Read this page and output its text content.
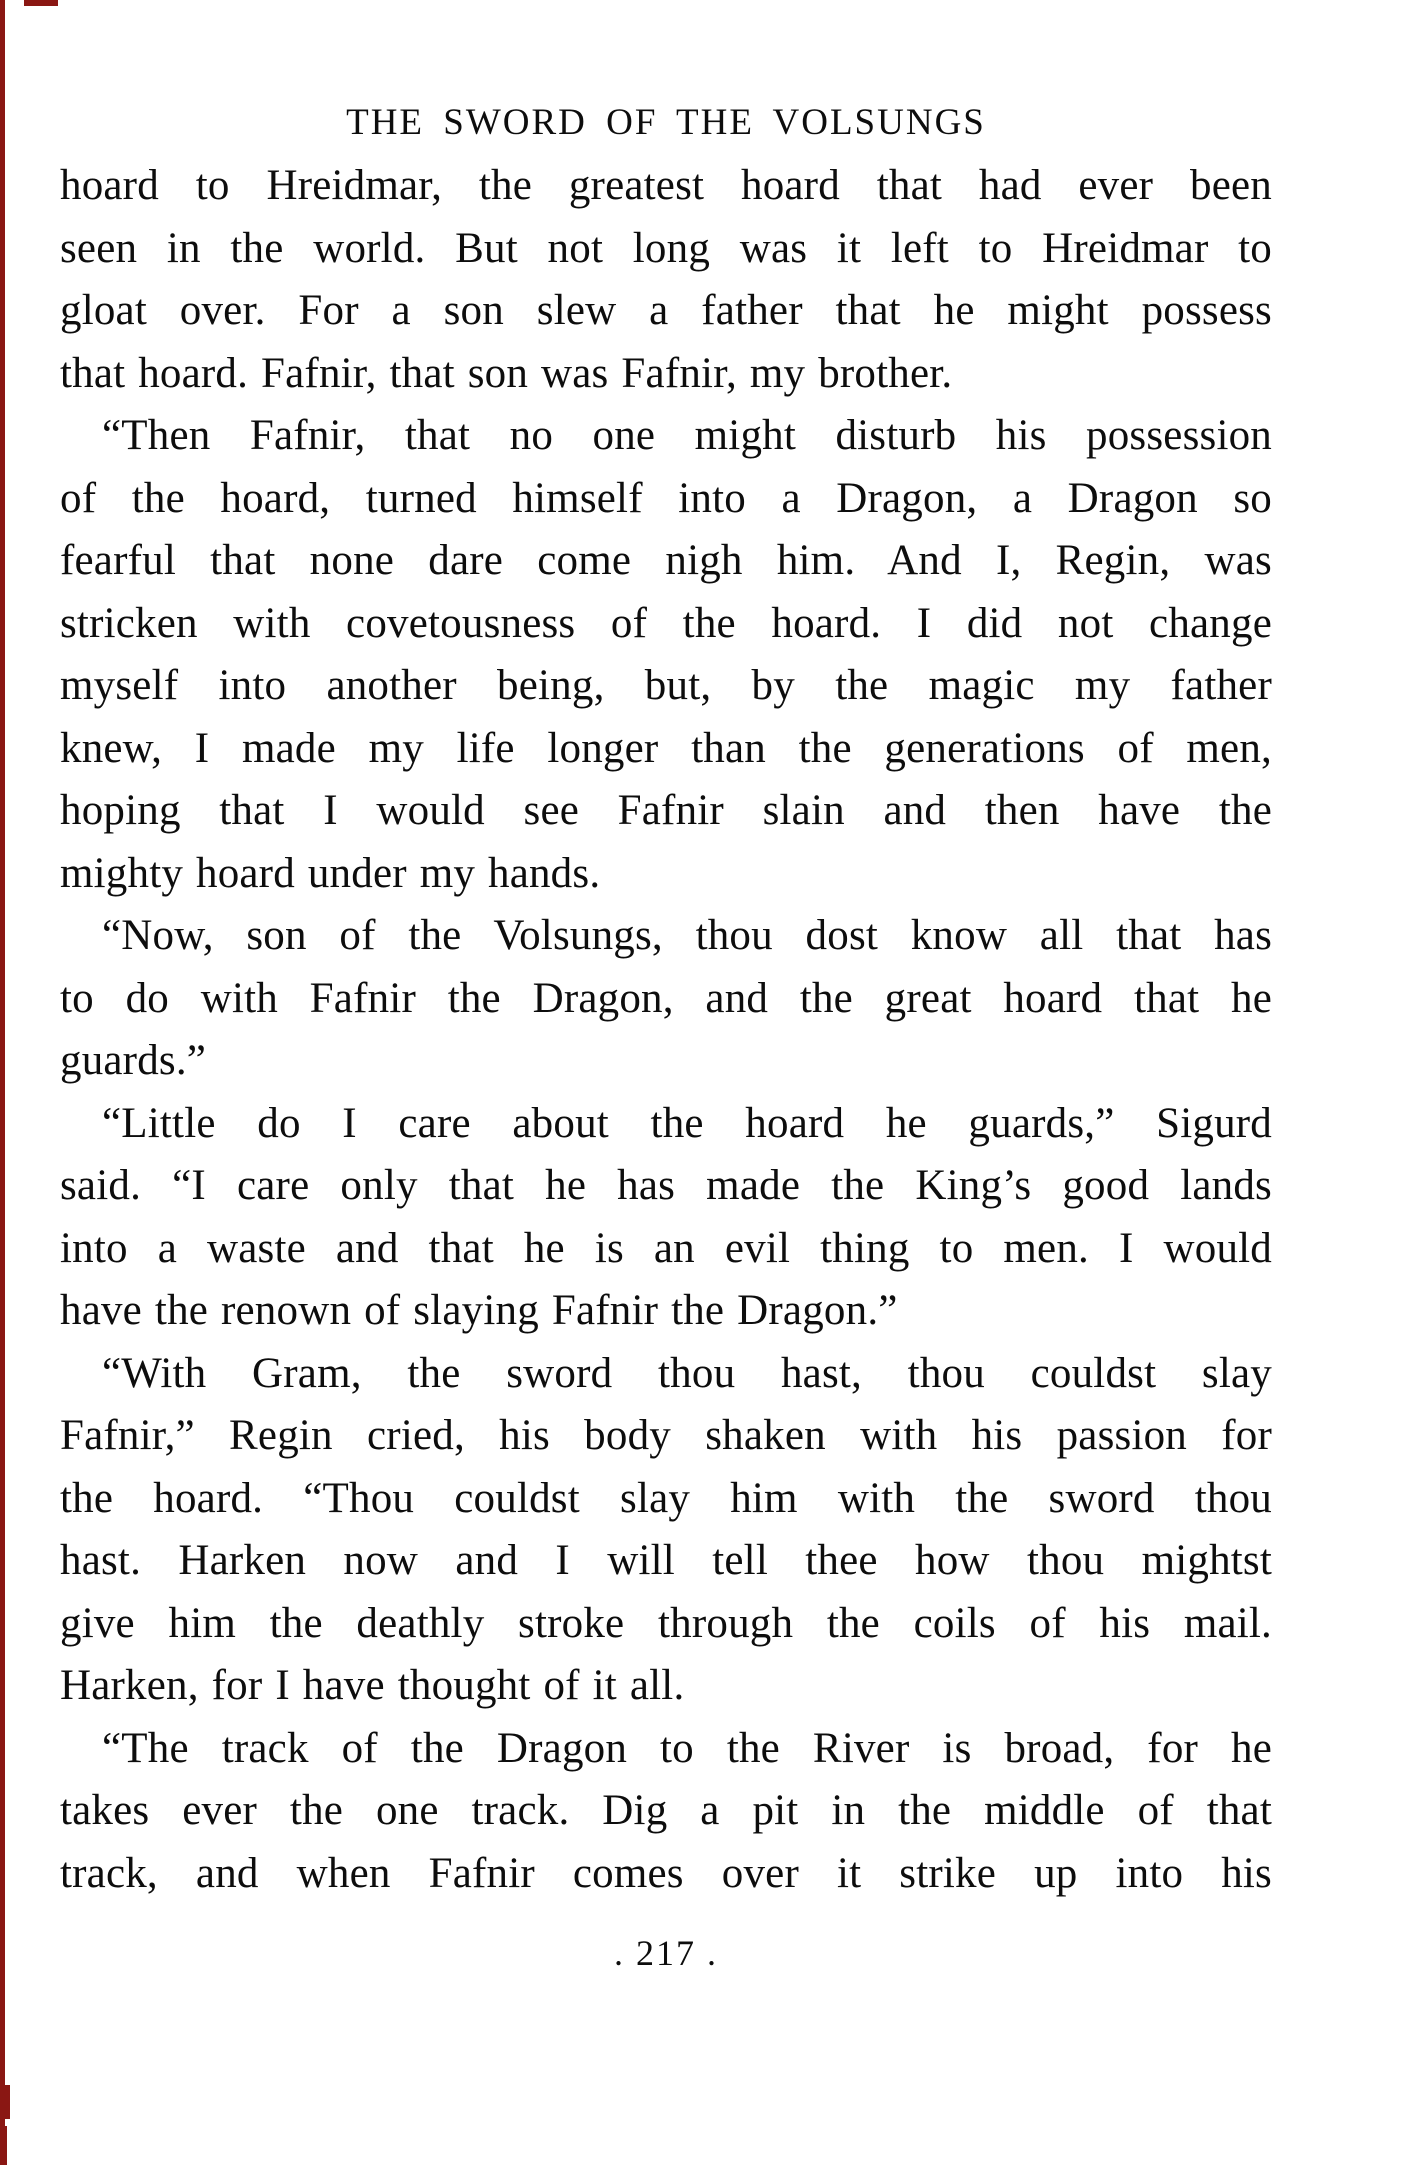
THE SWORD OF THE VOLSUNGS
hoard to Hreidmar, the greatest hoard that had ever been
seen in the world. But not long was it left to Hreidmar to
gloat over. For a son slew a father that he might possess
that hoard. Fafnir, that son was Fafnir, my brother.
“Then Fafnir, that no one might disturb his possession
of the hoard, turned himself into a Dragon, a Dragon so
fearful that none dare come nigh him. And I, Regin, was
stricken with covetousness of the hoard. I did not change
myself into another being, but, by the magic my father
knew, I made my life longer than the generations of men,
hoping that I would see Fafnir slain and then have the
mighty hoard under my hands.
“Now, son of the Volsungs, thou dost know all that has
to do with Fafnir the Dragon, and the great hoard that he
guards.”
“Little do I care about the hoard he guards,” Sigurd
said. “I care only that he has made the King’s good lands
into a waste and that he is an evil thing to men. I would
have the renown of slaying Fafnir the Dragon.”
“With Gram, the sword thou hast, thou couldst slay
Fafnir,” Regin cried, his body shaken with his passion for
the hoard. “Thou couldst slay him with the sword thou
hast. Harken now and I will tell thee how thou mightst
give him the deathly stroke through the coils of his mail.
Harken, for I have thought of it all.
“The track of the Dragon to the River is broad, for he
takes ever the one track. Dig a pit in the middle of that
track, and when Fafnir comes over it strike up into his
. 217 .
